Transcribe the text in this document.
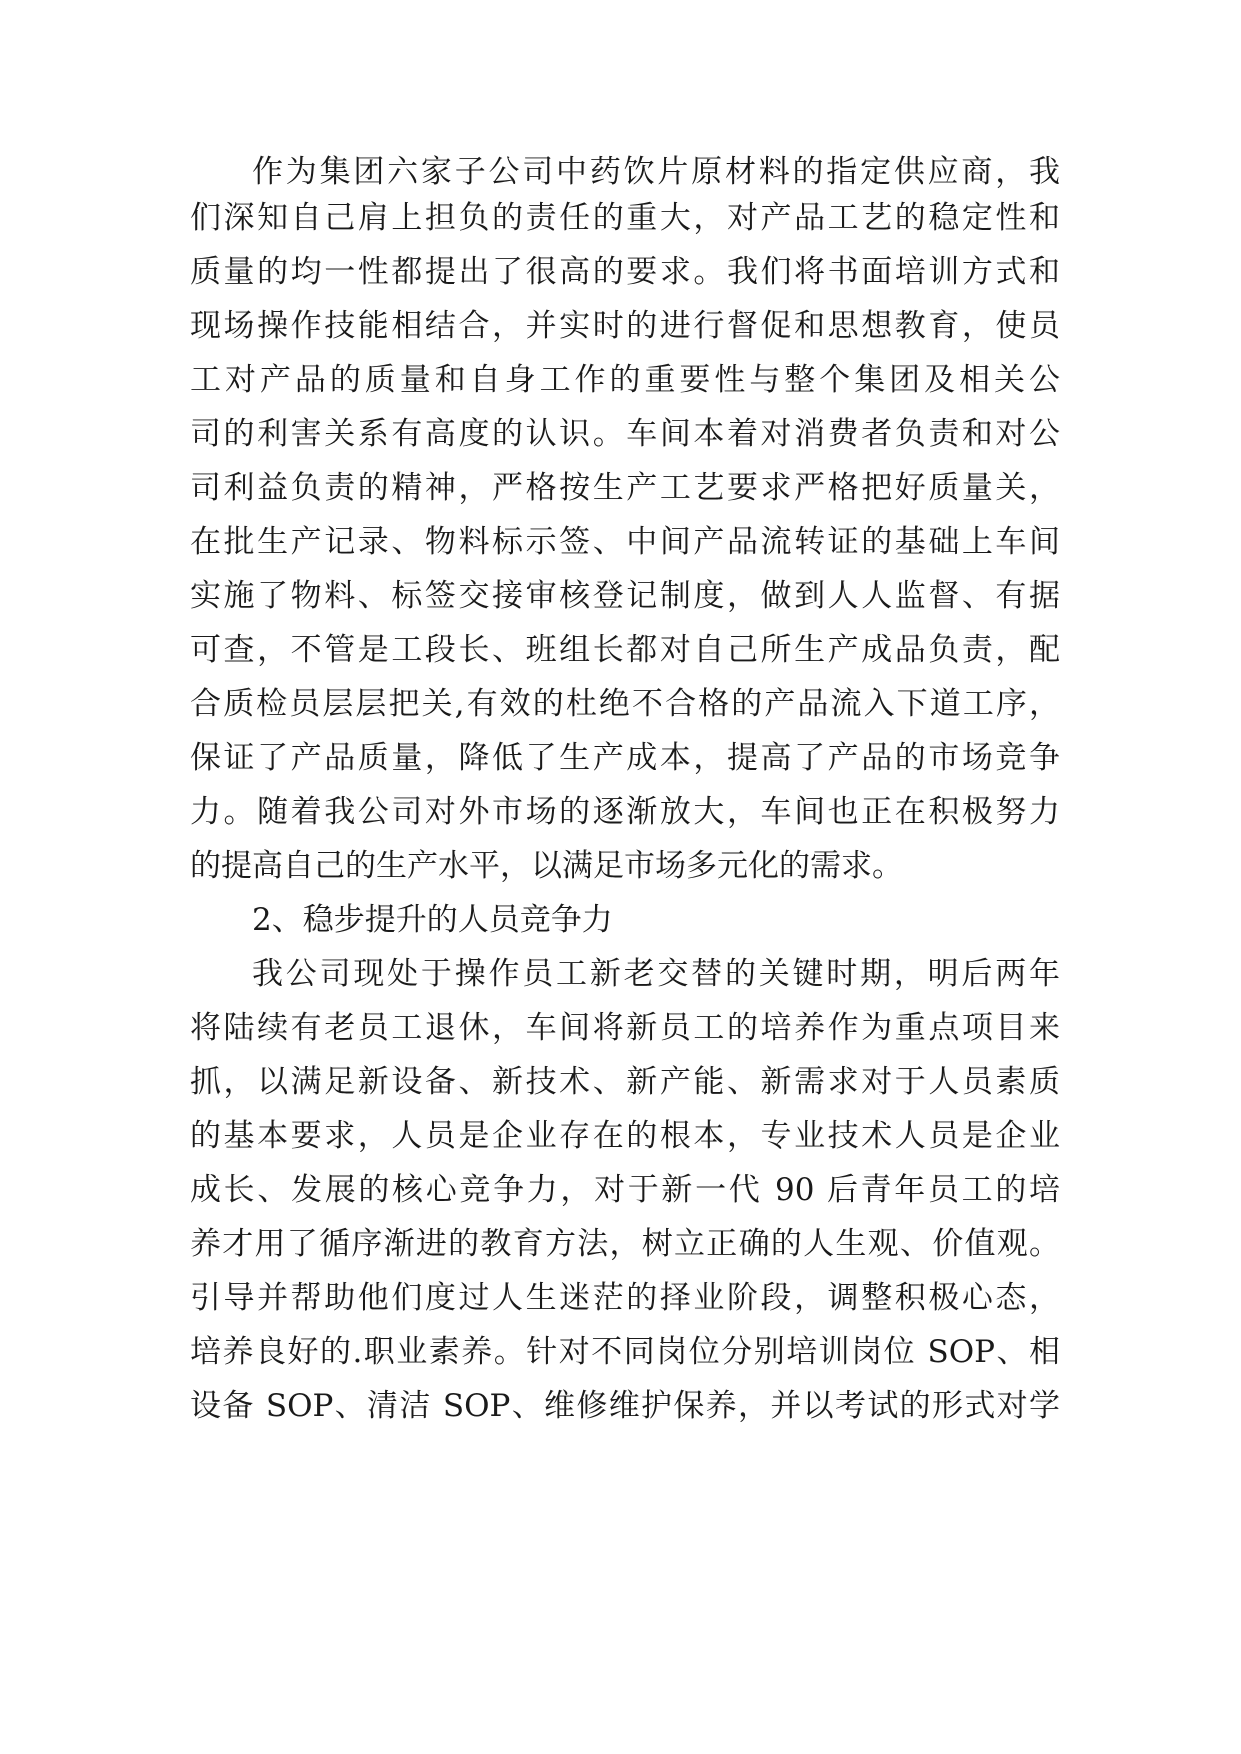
作为集团六家子公司中药饮片原材料的指定供应商，我
们深知自己肩上担负的责任的重大，对产品工艺的稳定性和
质量的均一性都提出了很高的要求。我们将书面培训方式和
现场操作技能相结合，并实时的进行督促和思想教育，使员
工对产品的质量和自身工作的重要性与整个集团及相关公
司的利害关系有高度的认识。车间本着对消费者负责和对公
司利益负责的精神，严格按生产工艺要求严格把好质量关，
在批生产记录、物料标示签、中间产品流转证的基础上车间
实施了物料、标签交接审核登记制度，做到人人监督、有据
可查，不管是工段长、班组长都对自己所生产成品负责，配
合质检员层层把关,有效的杜绝不合格的产品流入下道工序，
保证了产品质量，降低了生产成本，提高了产品的市场竞争
力。随着我公司对外市场的逐渐放大，车间也正在积极努力
的提高自己的生产水平，以满足市场多元化的需求。
2、稳步提升的人员竞争力
我公司现处于操作员工新老交替的关键时期，明后两年
将陆续有老员工退休，车间将新员工的培养作为重点项目来
抓，以满足新设备、新技术、新产能、新需求对于人员素质
的基本要求，人员是企业存在的根本，专业技术人员是企业
成长、发展的核心竞争力，对于新一代 90 后青年员工的培
养才用了循序渐进的教育方法，树立正确的人生观、价值观。
引导并帮助他们度过人生迷茫的择业阶段，调整积极心态，
培养良好的.职业素养。针对不同岗位分别培训岗位 SOP、相
设备 SOP、清洁 SOP、维修维护保养，并以考试的形式对学
